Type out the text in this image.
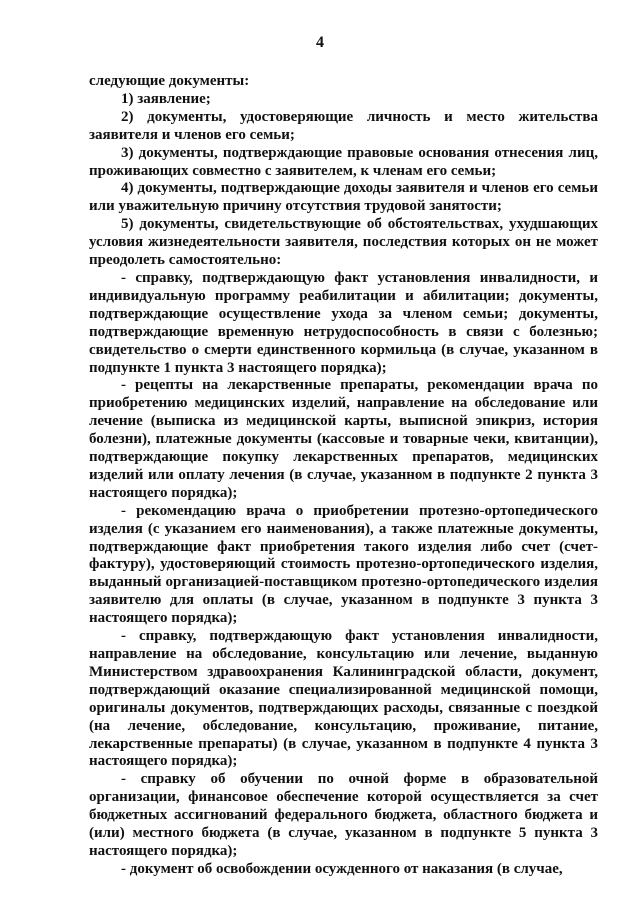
4

следующие документы:

1) заявление;

2) документы, удостоверяющие личность и место жительства заявителя и членов его семьи;

3) документы, подтверждающие правовые основания отнесения лиц, проживающих совместно с заявителем, к членам его семьи;

4) документы, подтверждающие доходы заявителя и членов его семьи или уважительную причину отсутствия трудовой занятости;

5) документы, свидетельствующие об обстоятельствах, ухудшающих условия жизнедеятельности заявителя, последствия которых он не может преодолеть самостоятельно:

- справку, подтверждающую факт установления инвалидности, и индивидуальную программу реабилитации и абилитации; документы, подтверждающие осуществление ухода за членом семьи; документы, подтверждающие временную нетрудоспособность в связи с болезнью; свидетельство о смерти единственного кормильца (в случае, указанном в подпункте 1 пункта 3 настоящего порядка);

- рецепты на лекарственные препараты, рекомендации врача по приобретению медицинских изделий, направление на обследование или лечение (выписка из медицинской карты, выписной эпикриз, история болезни), платежные документы (кассовые и товарные чеки, квитанции), подтверждающие покупку лекарственных препаратов, медицинских изделий или оплату лечения (в случае, указанном в подпункте 2 пункта 3 настоящего порядка);

- рекомендацию врача о приобретении протезно-ортопедического изделия (с указанием его наименования), а также платежные документы, подтверждающие факт приобретения такого изделия либо счет (счет-фактуру), удостоверяющий стоимость протезно-ортопедического изделия, выданный организацией-поставщиком протезно-ортопедического изделия заявителю для оплаты (в случае, указанном в подпункте 3 пункта 3 настоящего порядка);

- справку, подтверждающую факт установления инвалидности, направление на обследование, консультацию или лечение, выданную Министерством здравоохранения Калининградской области, документ, подтверждающий оказание специализированной медицинской помощи, оригиналы документов, подтверждающих расходы, связанные с поездкой (на лечение, обследование, консультацию, проживание, питание, лекарственные препараты) (в случае, указанном в подпункте 4 пункта 3 настоящего порядка);

- справку об обучении по очной форме в образовательной организации, финансовое обеспечение которой осуществляется за счет бюджетных ассигнований федерального бюджета, областного бюджета и (или) местного бюджета (в случае, указанном в подпункте 5 пункта 3 настоящего порядка);

- документ об освобождении осужденного от наказания (в случае,
